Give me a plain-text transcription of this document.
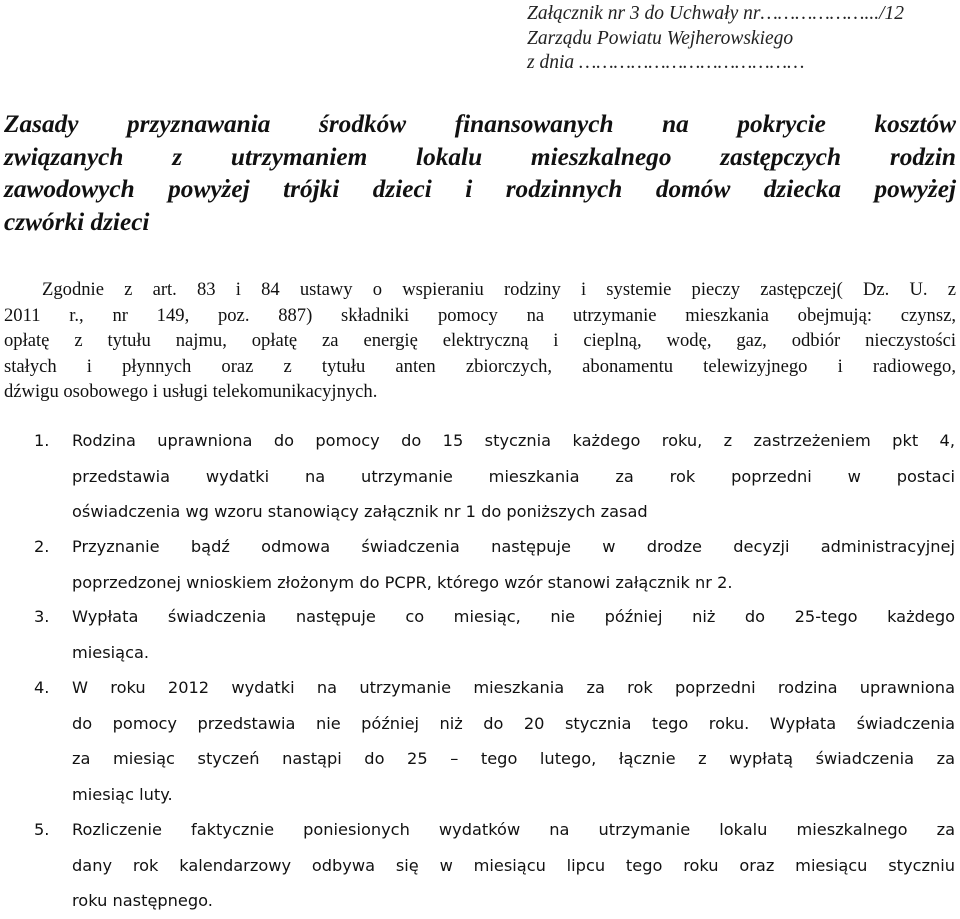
Załącznik nr 3 do Uchwały nr……………….../12
Zarządu Powiatu Wejherowskiego
z dnia …………………………………
Zasady przyznawania środków finansowanych na pokrycie kosztów
związanych z utrzymaniem lokalu mieszkalnego zastępczych rodzin
zawodowych powyżej trójki dzieci i rodzinnych domów dziecka powyżej
czwórki dzieci
Zgodnie z art. 83 i 84 ustawy o wspieraniu rodziny i systemie pieczy zastępczej( Dz. U. z
2011 r., nr 149, poz. 887) składniki pomocy na utrzymanie mieszkania obejmują: czynsz,
opłatę z tytułu najmu, opłatę za energię elektryczną i cieplną, wodę, gaz, odbiór nieczystości
stałych i płynnych oraz z tytułu anten zbiorczych, abonamentu telewizyjnego i radiowego,
dźwigu osobowego i usługi telekomunikacyjnych.
1. Rodzina uprawniona do pomocy do 15 stycznia każdego roku, z zastrzeżeniem pkt 4,
przedstawia wydatki na utrzymanie mieszkania za rok poprzedni w postaci
oświadczenia wg wzoru stanowiący załącznik nr 1 do poniższych zasad
2. Przyznanie bądź odmowa świadczenia następuje w drodze decyzji administracyjnej
poprzedzonej wnioskiem złożonym do PCPR, którego wzór stanowi załącznik nr 2.
3. Wypłata świadczenia następuje co miesiąc, nie później niż do 25-tego każdego
miesiąca.
4. W roku 2012 wydatki na utrzymanie mieszkania za rok poprzedni rodzina uprawniona
do pomocy przedstawia nie później niż do 20 stycznia tego roku. Wypłata świadczenia
za miesiąc styczeń nastąpi do 25 – tego lutego, łącznie z wypłatą świadczenia za
miesiąc luty.
5. Rozliczenie faktycznie poniesionych wydatków na utrzymanie lokalu mieszkalnego za
dany rok kalendarzowy odbywa się w miesiącu lipcu tego roku oraz miesiącu styczniu
roku następnego.
